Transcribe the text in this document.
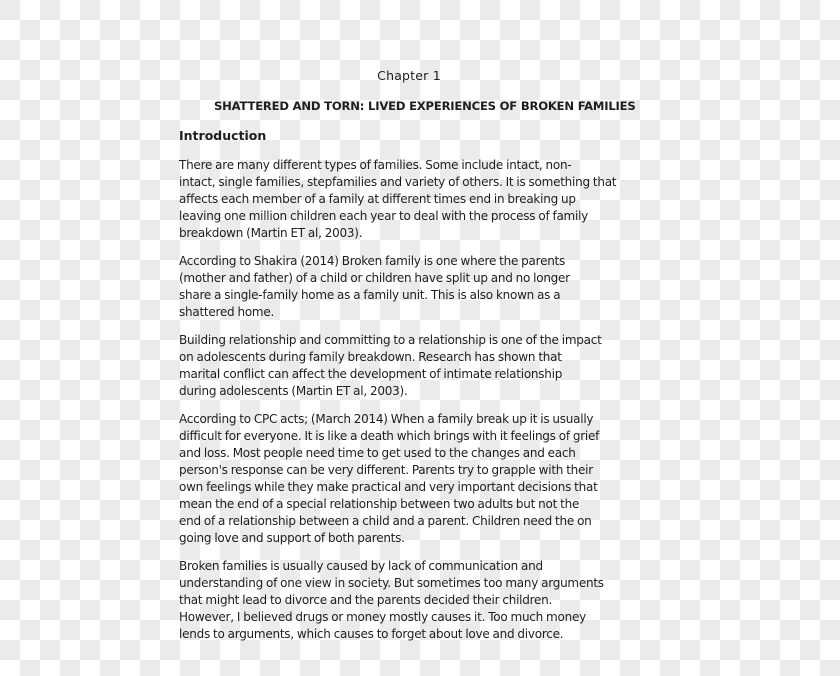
Chapter 1
SHATTERED AND TORN: LIVED EXPERIENCES OF BROKEN FAMILIES
Introduction
There are many different types of families. Some include intact, non-
intact, single families, stepfamilies and variety of others. It is something that
affects each member of a family at different times end in breaking up
leaving one million children each year to deal with the process of family
breakdown (Martin ET al, 2003).
According to Shakira (2014) Broken family is one where the parents
(mother and father) of a child or children have split up and no longer
share a single-family home as a family unit. This is also known as a
shattered home.
Building relationship and committing to a relationship is one of the impact
on adolescents during family breakdown. Research has shown that
marital conflict can affect the development of intimate relationship
during adolescents (Martin ET al, 2003).
According to CPC acts; (March 2014) When a family break up it is usually
difficult for everyone. It is like a death which brings with it feelings of grief
and loss. Most people need time to get used to the changes and each
person's response can be very different. Parents try to grapple with their
own feelings while they make practical and very important decisions that
mean the end of a special relationship between two adults but not the
end of a relationship between a child and a parent. Children need the on
going love and support of both parents.
Broken families is usually caused by lack of communication and
understanding of one view in society. But sometimes too many arguments
that might lead to divorce and the parents decided their children.
However, I believed drugs or money mostly causes it. Too much money
lends to arguments, which causes to forget about love and divorce.
